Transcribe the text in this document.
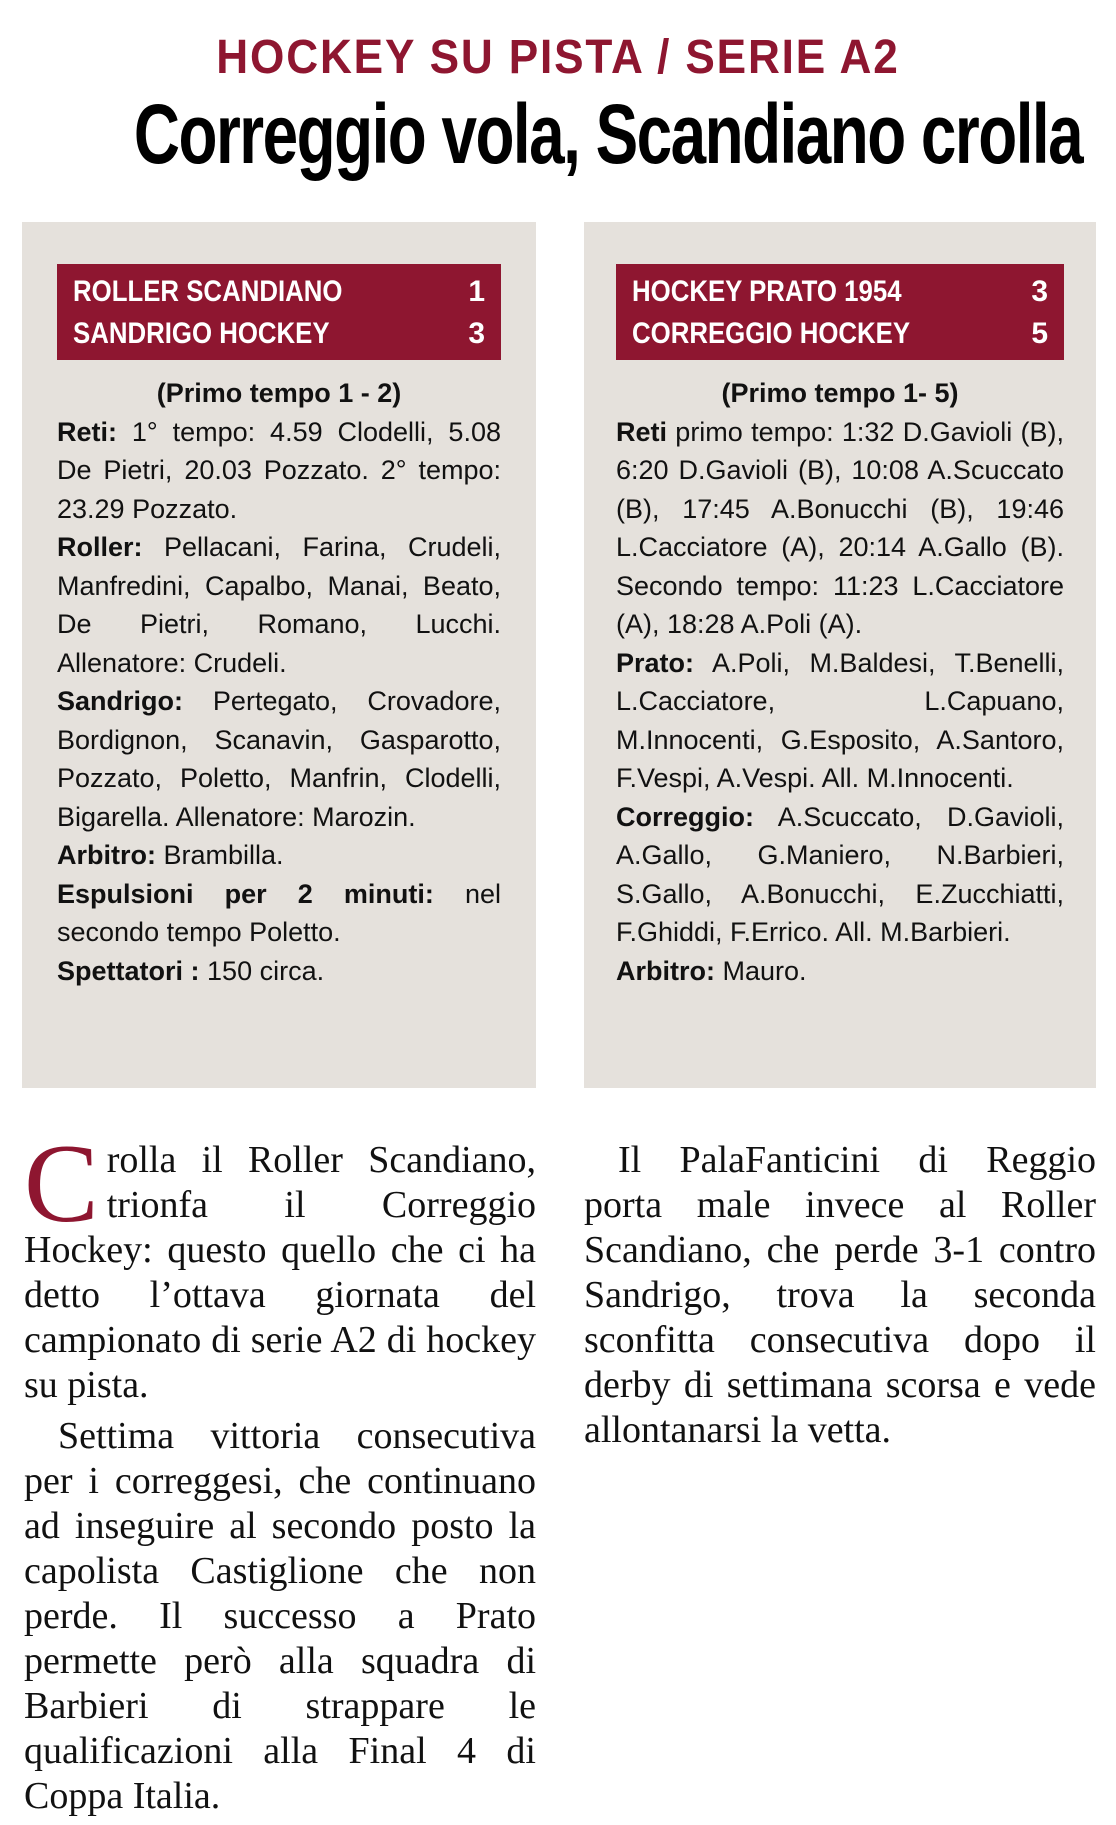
HOCKEY SU PISTA / SERIE A2
Correggio vola, Scandiano crolla
ROLLER SCANDIANO	1
SANDRIGO HOCKEY	3

(Primo tempo 1 - 2)

Reti: 1° tempo: 4.59 Clodelli, 5.08 De Pietri, 20.03 Pozzato. 2° tempo: 23.29 Pozzato.

Roller: Pellacani, Farina, Crudeli, Manfredini, Capalbo, Manai, Beato, De Pietri, Romano, Lucchi. Allenatore: Crudeli.

Sandrigo: Pertegato, Crovadore, Bordignon, Scanavin, Gasparotto, Pozzato, Poletto, Manfrin, Clodelli, Bigarella. Allenatore: Marozin.

Arbitro: Brambilla.

Espulsioni per 2 minuti: nel secondo tempo Poletto.

Spettatori : 150 circa.

HOCKEY PRATO 1954	3
CORREGGIO HOCKEY	5

(Primo tempo 1- 5)

Reti primo tempo: 1:32 D.Gavioli (B), 6:20 D.Gavioli (B), 10:08 A.Scuccato (B), 17:45 A.Bonucchi (B), 19:46 L.Cacciatore (A), 20:14 A.Gallo (B). Secondo tempo: 11:23 L.Cacciatore (A), 18:28 A.Poli (A).

Prato: A.Poli, M.Baldesi, T.Benelli, L.Cacciatore, L.Capuano, M.Innocenti, G.Esposito, A.Santoro, F.Vespi, A.Vespi. All. M.Innocenti.

Correggio: A.Scuccato, D.Gavioli, A.Gallo, G.Maniero, N.Barbieri, S.Gallo, A.Bonucchi, E.Zucchiatti, F.Ghiddi, F.Errico. All. M.Barbieri.

Arbitro: Mauro.

Crolla il Roller Scandiano, trionfa il Correggio Hockey: questo quello che ci ha detto l’ottava giornata del campionato di serie A2 di hockey su pista.

Settima vittoria consecutiva per i correggesi, che continuano ad inseguire al secondo posto la capolista Castiglione che non perde. Il successo a Prato permette però alla squadra di Barbieri di strappare le qualificazioni alla Final 4 di Coppa Italia.

Il PalaFanticini di Reggio porta male invece al Roller Scandiano, che perde 3-1 contro Sandrigo, trova la seconda sconfitta consecutiva dopo il derby di settimana scorsa e vede allontanarsi la vetta.
